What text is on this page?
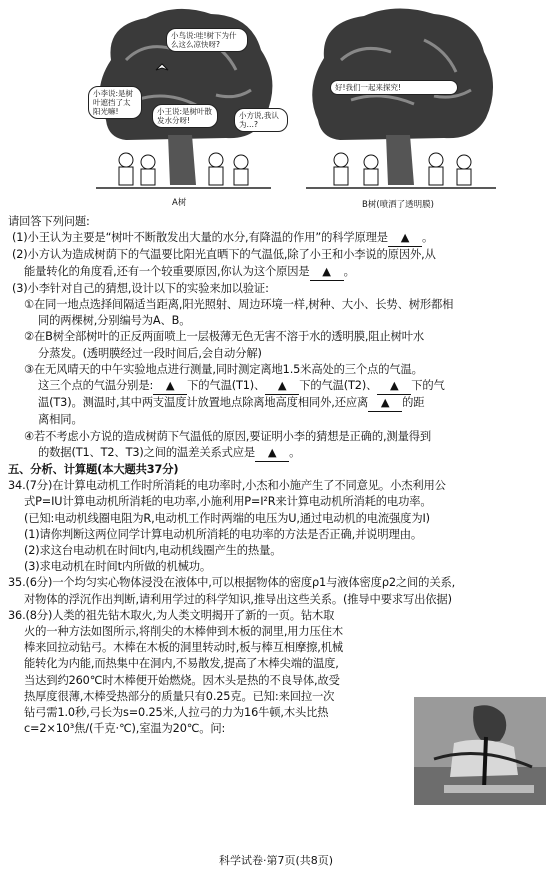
小鸟说:哇!树下为什么这么凉快呀?
小李说:是树叶遮挡了太阳光嘛!	小王说:是树叶散发水分呀!
小方说,我认为…?
A树
好!我们一起来探究!
B树(喷洒了透明膜)

请回答下列问题:

(1)小王认为主要是“树叶不断散发出大量的水分,有降温的作用”的科学原理是 ▲ 。

(2)小方认为造成树荫下的气温要比阳光直晒下的气温低,除了小王和小李说的原因外,从

能量转化的角度看,还有一个较重要原因,你认为这个原因是 ▲ 。

(3)小李针对自己的猜想,设计以下的实验来加以验证:

①在同一地点选择间隔适当距离,阳光照射、周边环境一样,树种、大小、长势、树形都相

同的两棵树,分别编号为A、B。

②在B树全部树叶的正反两面喷上一层极薄无色无害不溶于水的透明膜,阻止树叶水

分蒸发。(透明膜经过一段时间后,会自动分解)

③在无风晴天的中午实验地点进行测量,同时测定离地1.5米高处的三个点的气温。

这三个点的气温分别是: ▲ 下的气温(T1)、 ▲ 下的气温(T2)、 ▲ 下的气

温(T3)。测温时,其中两支温度计放置地点除离地高度相同外,还应离 ▲ 的距

离相同。

④若不考虑小方说的造成树荫下气温低的原因,要证明小李的猜想是正确的,测量得到

的数据(T1、T2、T3)之间的温差关系式应是 ▲ 。

五、分析、计算题(本大题共37分)

34.(7分)在计算电动机工作时所消耗的电功率时,小杰和小施产生了不同意见。小杰利用公

式P=IU计算电动机所消耗的电功率,小施利用P=I²R来计算电动机所消耗的电功率。

(已知:电动机线圈电阻为R,电动机工作时两端的电压为U,通过电动机的电流强度为I)

(1)请你判断这两位同学计算电动机所消耗的电功率的方法是否正确,并说明理由。

(2)求这台电动机在时间t内,电动机线圈产生的热量。

(3)求电动机在时间t内所做的机械功。

35.(6分)一个均匀实心物体浸没在液体中,可以根据物体的密度ρ1与液体密度ρ2之间的关系,

对物体的浮沉作出判断,请利用学过的科学知识,推导出这些关系。(推导中要求写出依据)

36.(8分)人类的祖先钻木取火,为人类文明揭开了新的一页。钻木取

火的一种方法如图所示,将削尖的木棒伸到木板的洞里,用力压住木

棒来回拉动钻弓。木棒在木板的洞里转动时,板与棒互相摩擦,机械

能转化为内能,而热集中在洞内,不易散发,提高了木棒尖端的温度,

当达到约260℃时木棒便开始燃烧。因木头是热的不良导体,故受

热厚度很薄,木棒受热部分的质量只有0.25克。已知:来回拉一次

钻弓需1.0秒,弓长为s=0.25米,人拉弓的力为16牛顿,木头比热

c=2×10³焦/(千克·℃),室温为20℃。问:

科学试卷·第7页(共8页)
